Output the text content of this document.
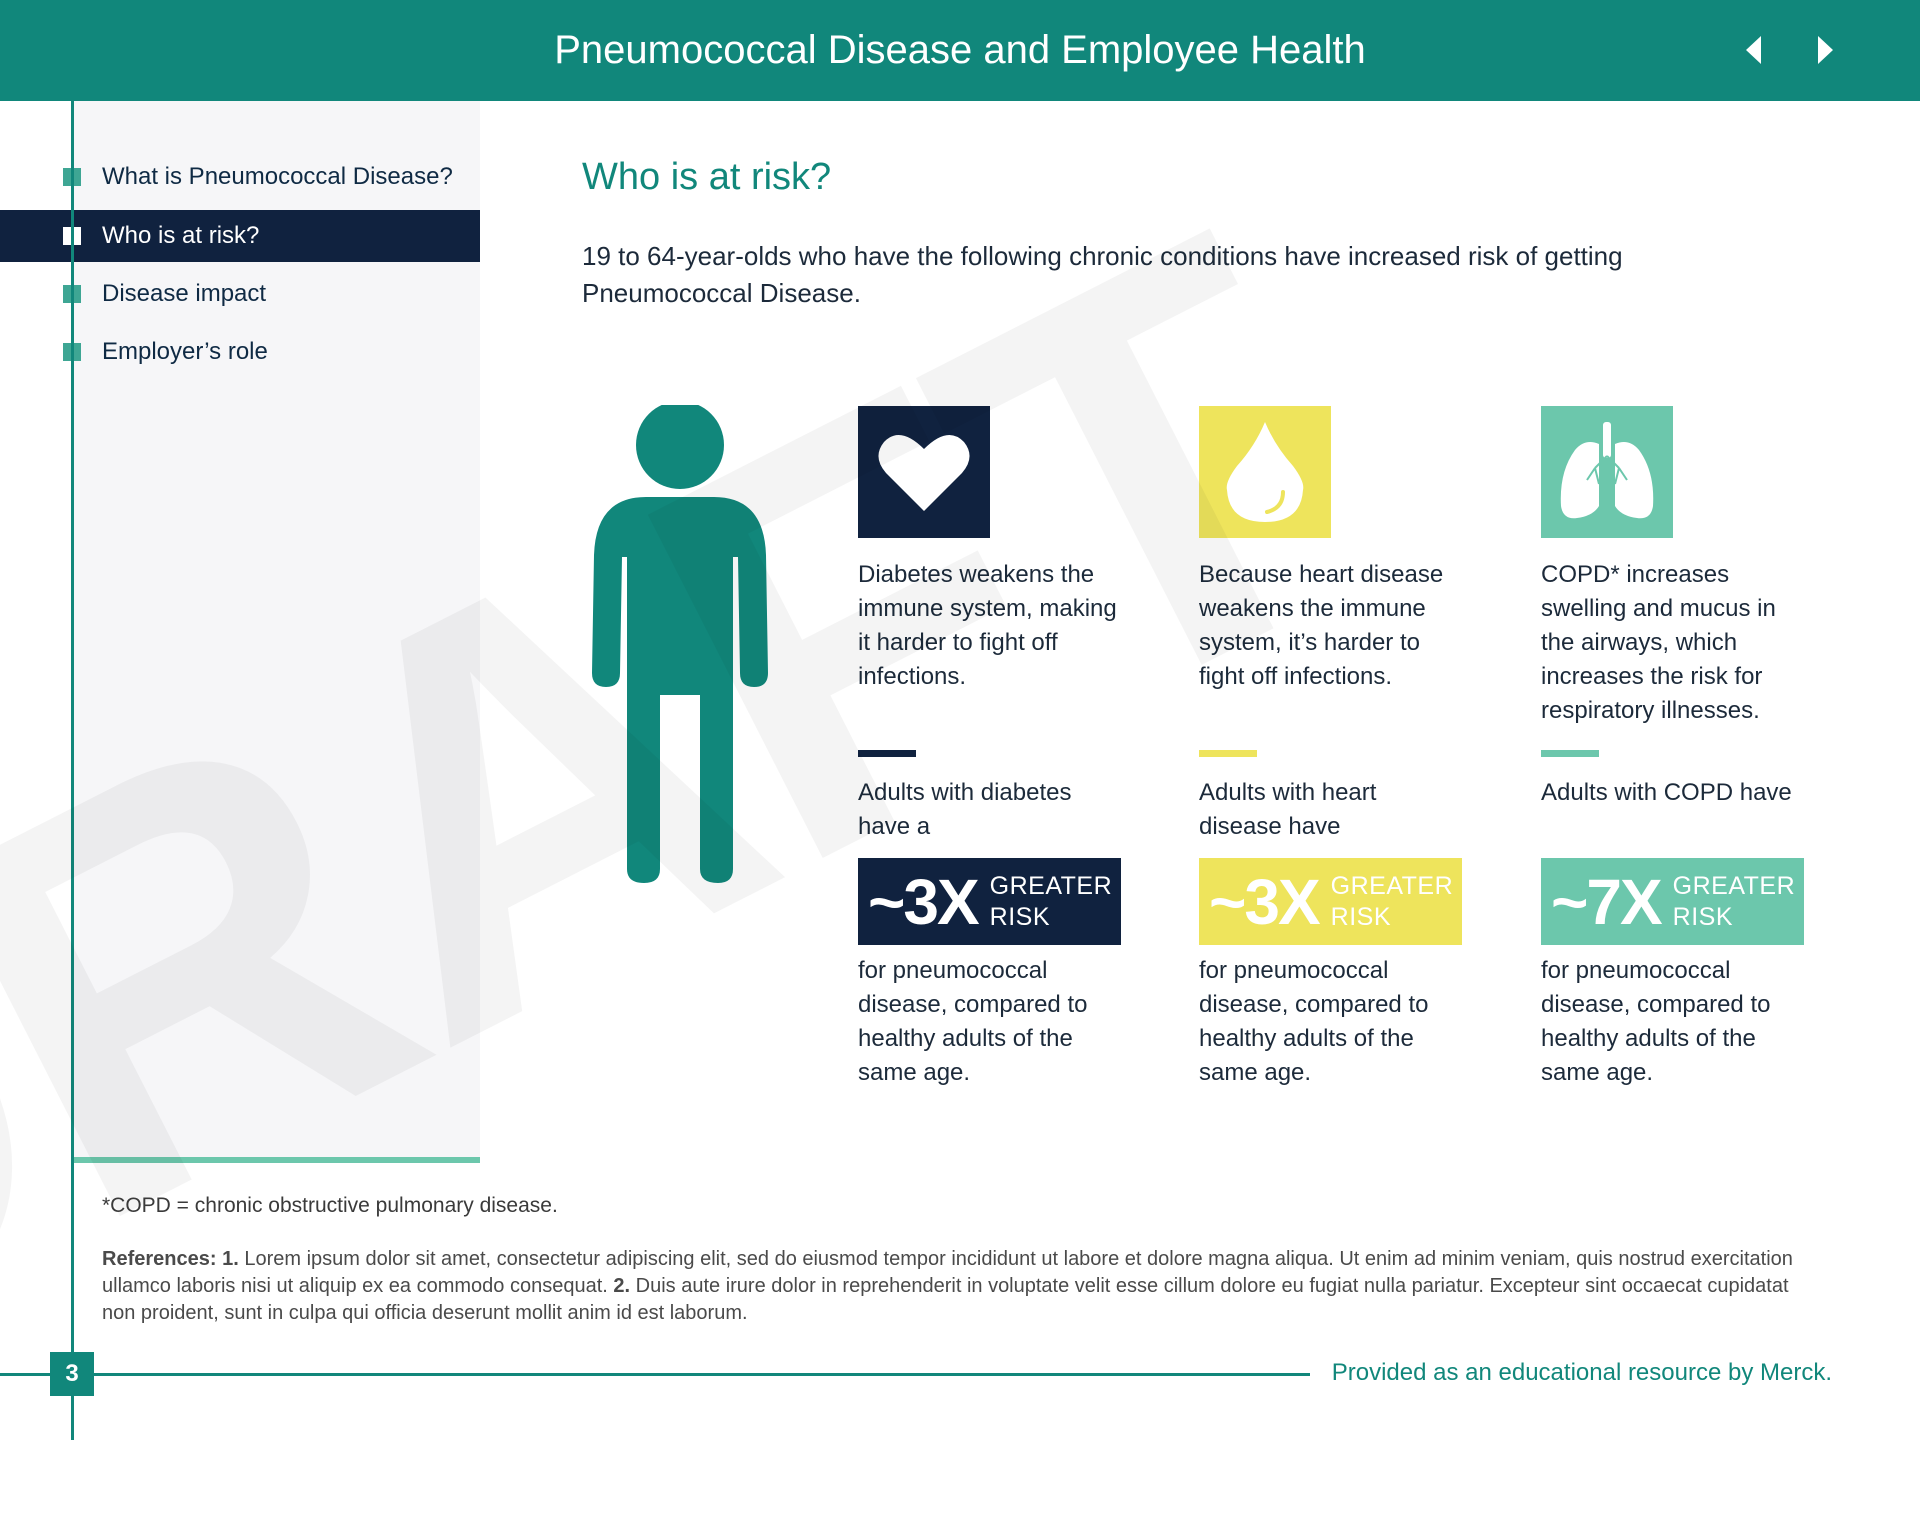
Pneumococcal Disease and Employee Health
What is Pneumococcal Disease?
Who is at risk?
Disease impact
Employer’s role
Who is at risk?

19 to 64-year-olds who have the following chronic conditions have increased risk of getting Pneumococcal Disease.

Diabetes weakens the immune system, making it harder to fight off infections.
Adults with diabetes have a
~3X GREATER RISK
for pneumococcal disease, compared to healthy adults of the same age.
Because heart disease weakens the immune system, it’s harder to fight off infections.
Adults with heart disease have
~3X GREATER RISK
for pneumococcal disease, compared to healthy adults of the same age.
COPD* increases swelling and mucus in the airways, which increases the risk for respiratory illnesses.
Adults with COPD have
~7X GREATER RISK
for pneumococcal disease, compared to healthy adults of the same age.
*COPD = chronic obstructive pulmonary disease.
References: 1. Lorem ipsum dolor sit amet, consectetur adipiscing elit, sed do eiusmod tempor incididunt ut labore et dolore magna aliqua. Ut enim ad minim veniam, quis nostrud exercitation ullamco laboris nisi ut aliquip ex ea commodo consequat. 2. Duis aute irure dolor in reprehenderit in voluptate velit esse cillum dolore eu fugiat nulla pariatur. Excepteur sint occaecat cupidatat non proident, sunt in culpa qui officia deserunt mollit anim id est laborum.
3	Provided as an educational resource by Merck.
